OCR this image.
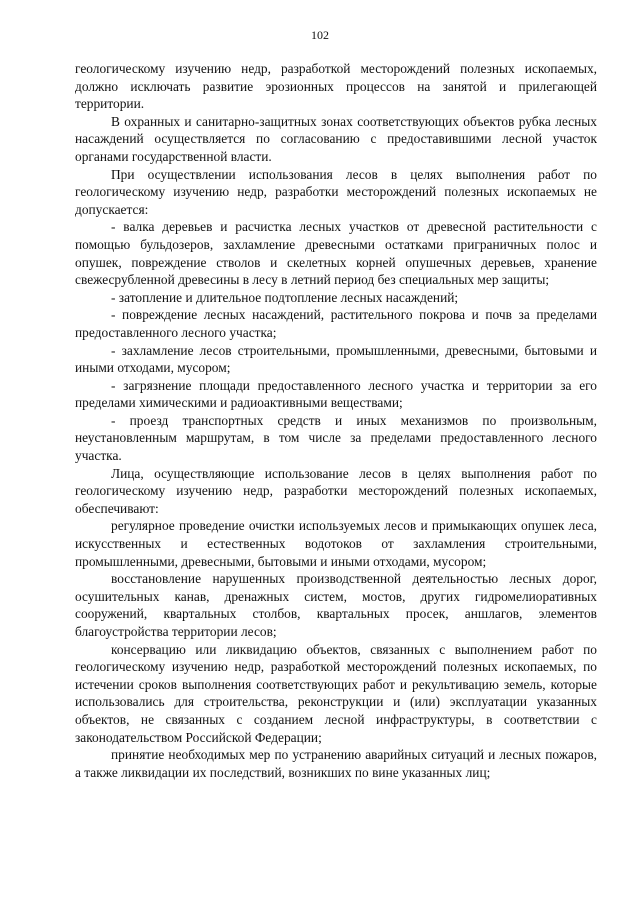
102

геологическому изучению недр, разработкой месторождений полезных ископаемых, должно исключать развитие эрозионных процессов на занятой и прилегающей территории.

В охранных и санитарно-защитных зонах соответствующих объектов рубка лесных насаждений осуществляется по согласованию с предоставившими лесной участок органами государственной власти.

При осуществлении использования лесов в целях выполнения работ по геологическому изучению недр, разработки месторождений полезных ископаемых не допускается:

- валка деревьев и расчистка лесных участков от древесной растительности с помощью бульдозеров, захламление древесными остатками приграничных полос и опушек, повреждение стволов и скелетных корней опушечных деревьев, хранение свежесрубленной древесины в лесу в летний период без специальных мер защиты;

- затопление и длительное подтопление лесных насаждений;

- повреждение лесных насаждений, растительного покрова и почв за пределами предоставленного лесного участка;

- захламление лесов строительными, промышленными, древесными, бытовыми и иными отходами, мусором;

- загрязнение площади предоставленного лесного участка и территории за его пределами химическими и радиоактивными веществами;

- проезд транспортных средств и иных механизмов по произвольным, неустановленным маршрутам, в том числе за пределами предоставленного лесного участка.

Лица, осуществляющие использование лесов в целях выполнения работ по геологическому изучению недр, разработки месторождений полезных ископаемых, обеспечивают:

регулярное проведение очистки используемых лесов и примыкающих опушек леса, искусственных и естественных водотоков от захламления строительными, промышленными, древесными, бытовыми и иными отходами, мусором;

восстановление нарушенных производственной деятельностью лесных дорог, осушительных канав, дренажных систем, мостов, других гидромелиоративных сооружений, квартальных столбов, квартальных просек, аншлагов, элементов благоустройства территории лесов;

консервацию или ликвидацию объектов, связанных с выполнением работ по геологическому изучению недр, разработкой месторождений полезных ископаемых, по истечении сроков выполнения соответствующих работ и рекультивацию земель, которые использовались для строительства, реконструкции и (или) эксплуатации указанных объектов, не связанных с созданием лесной инфраструктуры, в соответствии с законодательством Российской Федерации;

принятие необходимых мер по устранению аварийных ситуаций и лесных пожаров, а также ликвидации их последствий, возникших по вине указанных лиц;
